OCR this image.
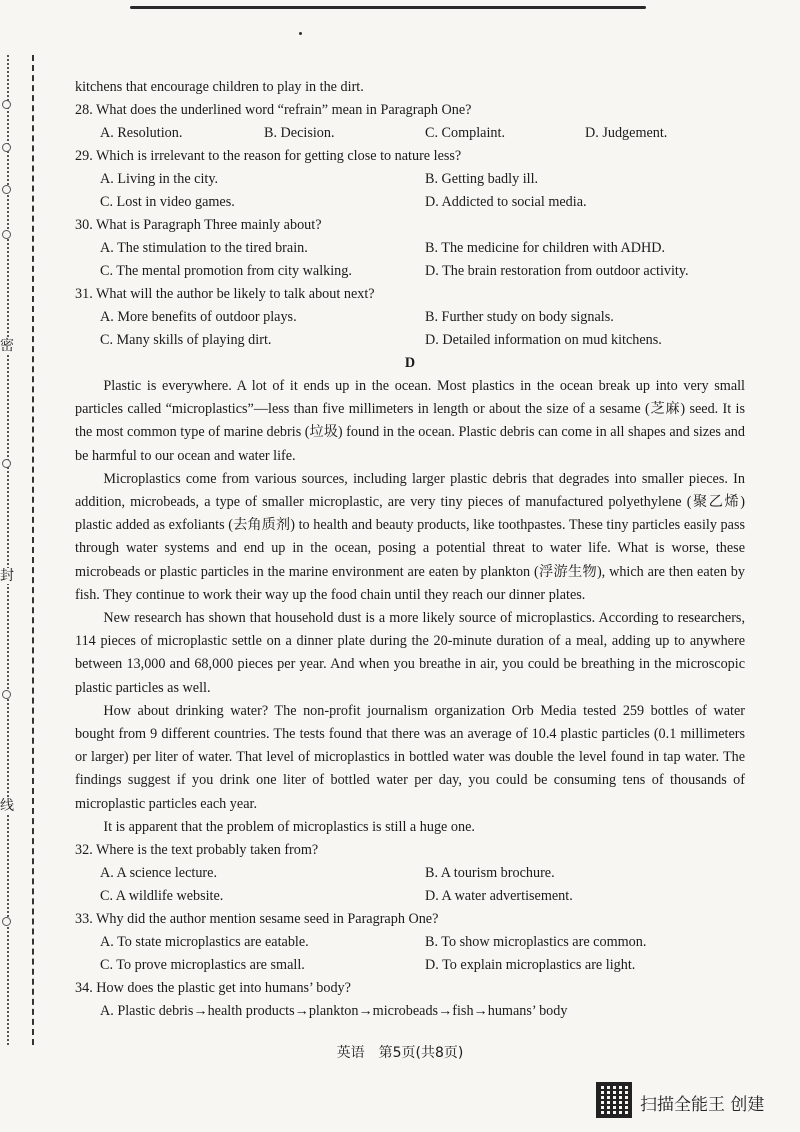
密
封
线
kitchens that encourage children to play in the dirt.
28. What does the underlined word “refrain” mean in Paragraph One?
A. Resolution.	B. Decision.	C. Complaint.	D. Judgement.
29. Which is irrelevant to the reason for getting close to nature less?
A. Living in the city.	B. Getting badly ill.
C. Lost in video games.	D. Addicted to social media.
30. What is Paragraph Three mainly about?
A. The stimulation to the tired brain.	B. The medicine for children with ADHD.
C. The mental promotion from city walking.	D. The brain restoration from outdoor activity.
31. What will the author be likely to talk about next?
A. More benefits of outdoor plays.	B. Further study on body signals.
C. Many skills of playing dirt.	D. Detailed information on mud kitchens.
D

Plastic is everywhere. A lot of it ends up in the ocean. Most plastics in the ocean break up into very small particles called “microplastics”—less than five millimeters in length or about the size of a sesame (芝麻) seed. It is the most common type of marine debris (垃圾) found in the ocean. Plastic debris can come in all shapes and sizes and be harmful to our ocean and water life.

Microplastics come from various sources, including larger plastic debris that degrades into smaller pieces. In addition, microbeads, a type of smaller microplastic, are very tiny pieces of manufactured polyethylene (聚乙烯) plastic added as exfoliants (去角质剂) to health and beauty products, like toothpastes. These tiny particles easily pass through water systems and end up in the ocean, posing a potential threat to water life. What is worse, these microbeads or plastic particles in the marine environment are eaten by plankton (浮游生物), which are then eaten by fish. They continue to work their way up the food chain until they reach our dinner plates.

New research has shown that household dust is a more likely source of microplastics. According to researchers, 114 pieces of microplastic settle on a dinner plate during the 20-minute duration of a meal, adding up to anywhere between 13,000 and 68,000 pieces per year. And when you breathe in air, you could be breathing in the microscopic plastic particles as well.

How about drinking water? The non-profit journalism organization Orb Media tested 259 bottles of water bought from 9 different countries. The tests found that there was an average of 10.4 plastic particles (0.1 millimeters or larger) per liter of water. That level of microplastics in bottled water was double the level found in tap water. The findings suggest if you drink one liter of bottled water per day, you could be consuming tens of thousands of microplastic particles each year.

It is apparent that the problem of microplastics is still a huge one.

32. Where is the text probably taken from?
A. A science lecture.	B. A tourism brochure.
C. A wildlife website.	D. A water advertisement.
33. Why did the author mention sesame seed in Paragraph One?
A. To state microplastics are eatable.	B. To show microplastics are common.
C. To prove microplastics are small.	D. To explain microplastics are light.
34. How does the plastic get into humans’ body?
A. Plastic debris→health products→plankton→microbeads→fish→humans’ body
英语　第5页(共8页)
扫描全能王 创建
